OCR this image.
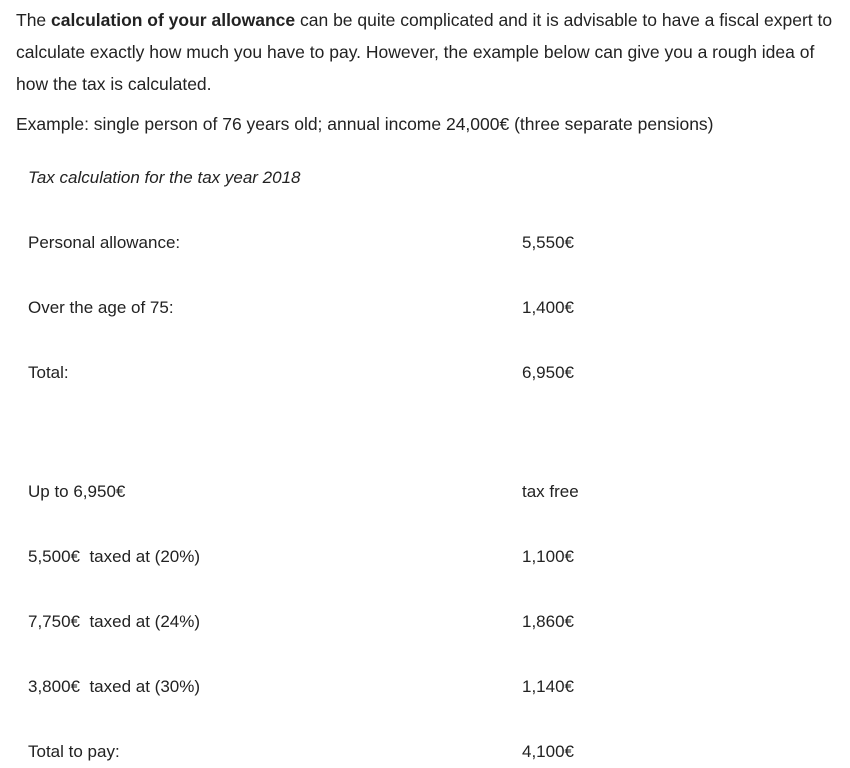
The calculation of your allowance can be quite complicated and it is advisable to have a fiscal expert to calculate exactly how much you have to pay. However, the example below can give you a rough idea of how the tax is calculated.

Example: single person of 76 years old; annual income 24,000€ (three separate pensions)

Tax calculation for the tax year 2018

Personal allowance:	5,550€
Over the age of 75:	1,400€
Total:	6,950€
Up to 6,950€	tax free
5,500€  taxed at (20%)	1,100€
7,750€  taxed at (24%)	1,860€
3,800€  taxed at (30%)	1,140€
Total to pay:	4,100€
